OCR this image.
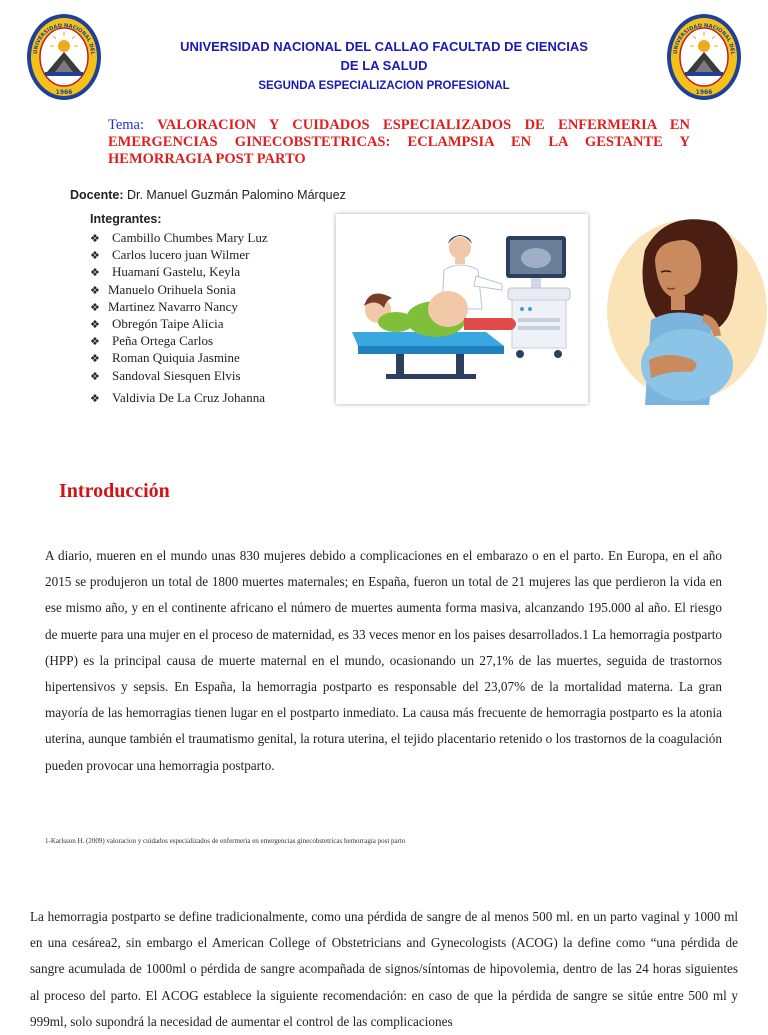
UNIVERSIDAD NACIONAL DEL
1966
UNIVERSIDAD NACIONAL DEL
1966
UNIVERSIDAD NACIONAL DEL CALLAO FACULTAD DE CIENCIAS
DE LA SALUD
SEGUNDA ESPECIALIZACION PROFESIONAL
Tema: VALORACION Y CUIDADOS ESPECIALIZADOS DE ENFERMERIA EN EMERGENCIAS GINECOBSTETRICAS: ECLAMPSIA EN LA GESTANTE Y HEMORRAGIA POST PARTO
Docente: Dr. Manuel Guzmán Palomino Márquez
Integrantes:
❖ Cambillo Chumbes Mary Luz
❖ Carlos lucero juan Wilmer
❖ Huamaní Gastelu, Keyla
❖ Manuelo Orihuela Sonia
❖ Martinez Navarro Nancy
❖ Obregón Taipe Alicia
❖ Peña Ortega Carlos
❖ Roman Quiquia Jasmine
❖ Sandoval Siesquen Elvis
❖ Valdivia De La Cruz Johanna
Introducción
A diario, mueren en el mundo unas 830 mujeres debido a complicaciones en el embarazo o en el parto. En Europa, en el año 2015 se produjeron un total de 1800 muertes maternales; en España, fueron un total de 21 mujeres las que perdieron la vida en ese mismo año, y en el continente africano el número de muertes aumenta forma masiva, alcanzando 195.000 al año. El riesgo de muerte para una mujer en el proceso de maternidad, es 33 veces menor en los paises desarrollados.1 La hemorragia postparto (HPP) es la principal causa de muerte maternal en el mundo, ocasionando un 27,1% de las muertes, seguida de trastornos hipertensivos y sepsis. En España, la hemorragia postparto es responsable del 23,07% de la mortalidad materna. La gran mayoría de las hemorragias tienen lugar en el postparto inmediato. La causa más frecuente de hemorragia postparto es la atonia uterina, aunque también el traumatismo genital, la rotura uterina, el tejido placentario retenido o los trastornos de la coagulación pueden provocar una hemorragia postparto.
1-Karlsson H. (2009) valoracion y cuidados especializados de enfermeria en emergencias ginecobstetricas hemorragia post parto
La hemorragia postparto se define tradicionalmente, como una pérdida de sangre de al menos 500 ml. en un parto vaginal y 1000 ml en una cesárea2, sin embargo el American College of Obstetricians and Gynecologists (ACOG) la define como “una pérdida de sangre acumulada de 1000ml o pérdida de sangre acompañada de signos/síntomas de hipovolemia, dentro de las 24 horas siguientes al proceso del parto. El ACOG establece la siguiente recomendación: en caso de que la pérdida de sangre se sitúe entre 500 ml y 999ml, solo supondrá la necesidad de aumentar el control de las complicaciones
